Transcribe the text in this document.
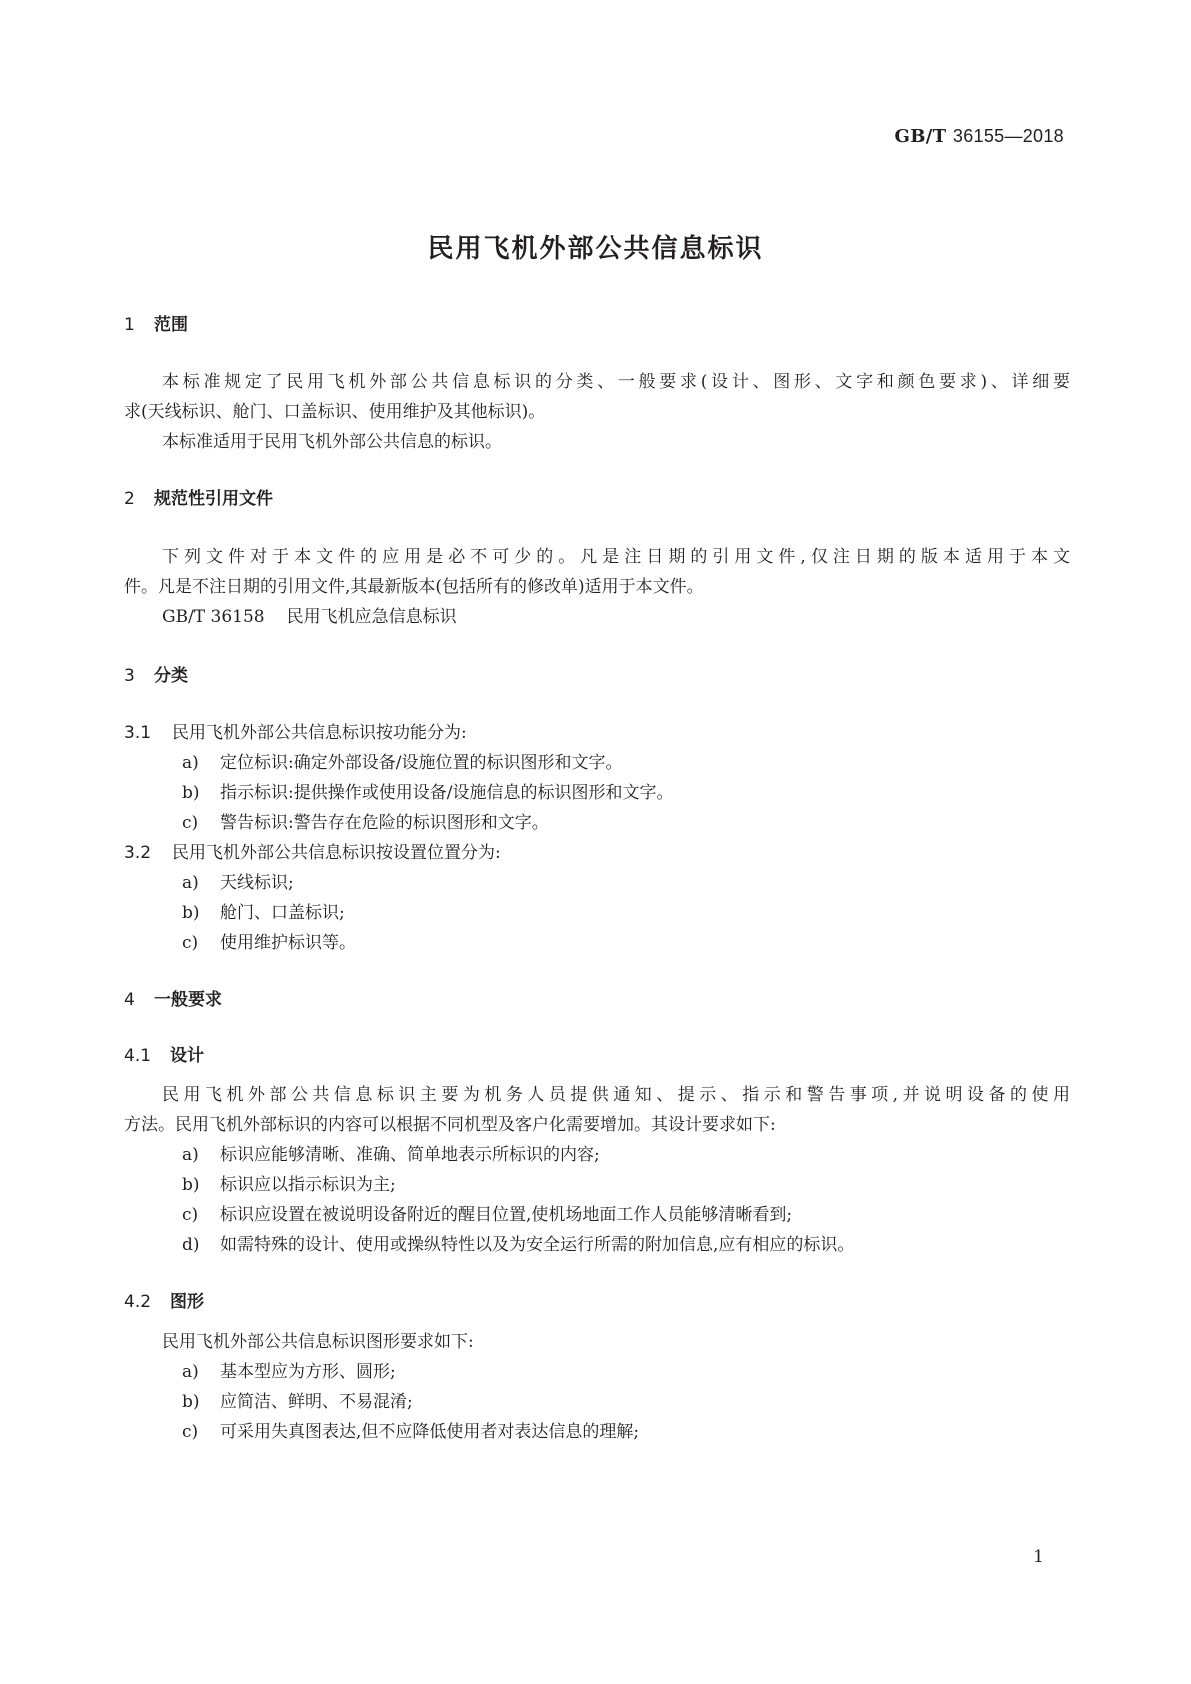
GB/T 36155—2018
民用飞机外部公共信息标识
1 范围
本标准规定了民用飞机外部公共信息标识的分类、一般要求(设计、图形、文字和颜色要求)、详细要
求(天线标识、舱门、口盖标识、使用维护及其他标识)。
本标准适用于民用飞机外部公共信息的标识。
2 规范性引用文件
下列文件对于本文件的应用是必不可少的。凡是注日期的引用文件,仅注日期的版本适用于本文
件。凡是不注日期的引用文件,其最新版本(包括所有的修改单)适用于本文件。
GB/T 36158 民用飞机应急信息标识
3 分类
3.1 民用飞机外部公共信息标识按功能分为:
a) 定位标识:确定外部设备/设施位置的标识图形和文字。
b) 指示标识:提供操作或使用设备/设施信息的标识图形和文字。
c) 警告标识:警告存在危险的标识图形和文字。
3.2 民用飞机外部公共信息标识按设置位置分为:
a) 天线标识;
b) 舱门、口盖标识;
c) 使用维护标识等。
4 一般要求
4.1 设计
民用飞机外部公共信息标识主要为机务人员提供通知、提示、指示和警告事项,并说明设备的使用
方法。民用飞机外部标识的内容可以根据不同机型及客户化需要增加。其设计要求如下:
a) 标识应能够清晰、准确、简单地表示所标识的内容;
b) 标识应以指示标识为主;
c) 标识应设置在被说明设备附近的醒目位置,使机场地面工作人员能够清晰看到;
d) 如需特殊的设计、使用或操纵特性以及为安全运行所需的附加信息,应有相应的标识。
4.2 图形
民用飞机外部公共信息标识图形要求如下:
a) 基本型应为方形、圆形;
b) 应简洁、鲜明、不易混淆;
c) 可采用失真图表达,但不应降低使用者对表达信息的理解;
1
